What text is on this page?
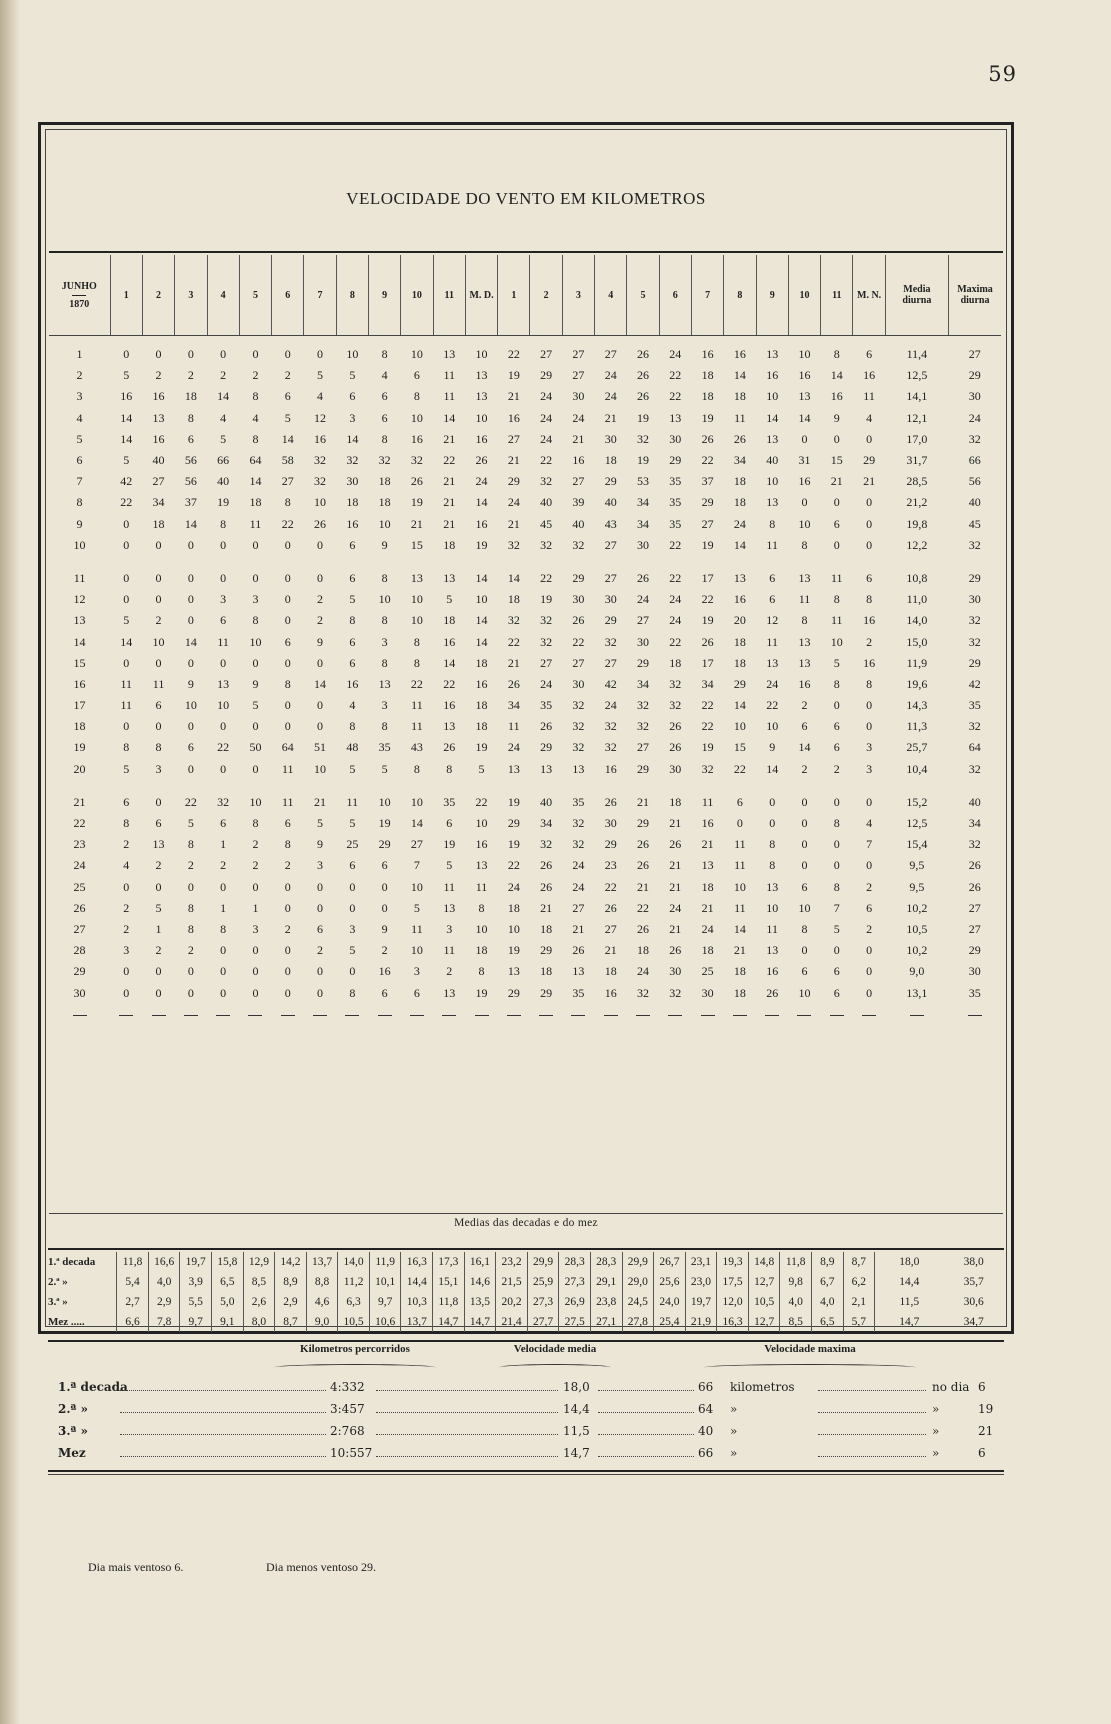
59
VELOCIDADE DO VENTO EM KILOMETROS
JUNHO
1870	1	2	3	4	5	6	7	8	9	10	11	M. D.	1	2	3	4	5	6	7	8	9	10	11	M. N.	Media
diurna	Maxima
diurna
1	0	0	0	0	0	0	0	10	8	10	13	10	22	27	27	27	26	24	16	16	13	10	8	6	11,4	27
2	5	2	2	2	2	2	5	5	4	6	11	13	19	29	27	24	26	22	18	14	16	16	14	16	12,5	29
3	16	16	18	14	8	6	4	6	6	8	11	13	21	24	30	24	26	22	18	18	10	13	16	11	14,1	30
4	14	13	8	4	4	5	12	3	6	10	14	10	16	24	24	21	19	13	19	11	14	14	9	4	12,1	24
5	14	16	6	5	8	14	16	14	8	16	21	16	27	24	21	30	32	30	26	26	13	0	0	0	17,0	32
6	5	40	56	66	64	58	32	32	32	32	22	26	21	22	16	18	19	29	22	34	40	31	15	29	31,7	66
7	42	27	56	40	14	27	32	30	18	26	21	24	29	32	27	29	53	35	37	18	10	16	21	21	28,5	56
8	22	34	37	19	18	8	10	18	18	19	21	14	24	40	39	40	34	35	29	18	13	0	0	0	21,2	40
9	0	18	14	8	11	22	26	16	10	21	21	16	21	45	40	43	34	35	27	24	8	10	6	0	19,8	45
10	0	0	0	0	0	0	0	6	9	15	18	19	32	32	32	27	30	22	19	14	11	8	0	0	12,2	32

11	0	0	0	0	0	0	0	6	8	13	13	14	14	22	29	27	26	22	17	13	6	13	11	6	10,8	29
12	0	0	0	3	3	0	2	5	10	10	5	10	18	19	30	30	24	24	22	16	6	11	8	8	11,0	30
13	5	2	0	6	8	0	2	8	8	10	18	14	32	32	26	29	27	24	19	20	12	8	11	16	14,0	32
14	14	10	14	11	10	6	9	6	3	8	16	14	22	32	22	32	30	22	26	18	11	13	10	2	15,0	32
15	0	0	0	0	0	0	0	6	8	8	14	18	21	27	27	27	29	18	17	18	13	13	5	16	11,9	29
16	11	11	9	13	9	8	14	16	13	22	22	16	26	24	30	42	34	32	34	29	24	16	8	8	19,6	42
17	11	6	10	10	5	0	0	4	3	11	16	18	34	35	32	24	32	32	22	14	22	2	0	0	14,3	35
18	0	0	0	0	0	0	0	8	8	11	13	18	11	26	32	32	32	26	22	10	10	6	6	0	11,3	32
19	8	8	6	22	50	64	51	48	35	43	26	19	24	29	32	32	27	26	19	15	9	14	6	3	25,7	64
20	5	3	0	0	0	11	10	5	5	8	8	5	13	13	13	16	29	30	32	22	14	2	2	3	10,4	32

21	6	0	22	32	10	11	21	11	10	10	35	22	19	40	35	26	21	18	11	6	0	0	0	0	15,2	40
22	8	6	5	6	8	6	5	5	19	14	6	10	29	34	32	30	29	21	16	0	0	0	8	4	12,5	34
23	2	13	8	1	2	8	9	25	29	27	19	16	19	32	32	29	26	26	21	11	8	0	0	7	15,4	32
24	4	2	2	2	2	2	3	6	6	7	5	13	22	26	24	23	26	21	13	11	8	0	0	0	9,5	26
25	0	0	0	0	0	0	0	0	0	10	11	11	24	26	24	22	21	21	18	10	13	6	8	2	9,5	26
26	2	5	8	1	1	0	0	0	0	5	13	8	18	21	27	26	22	24	21	11	10	10	7	6	10,2	27
27	2	1	8	8	3	2	6	3	9	11	3	10	10	18	21	27	26	21	24	14	11	8	5	2	10,5	27
28	3	2	2	0	0	0	2	5	2	10	11	18	19	29	26	21	18	26	18	21	13	0	0	0	10,2	29
29	0	0	0	0	0	0	0	0	16	3	2	8	13	18	13	18	24	30	25	18	16	6	6	0	9,0	30
30	0	0	0	0	0	0	0	8	6	6	13	19	29	29	35	16	32	32	30	18	26	10	6	0	13,1	35

Medias das decadas e do mez
1.ª decada	11,8	16,6	19,7	15,8	12,9	14,2	13,7	14,0	11,9	16,3	17,3	16,1	23,2	29,9	28,3	28,3	29,9	26,7	23,1	19,3	14,8	11,8	8,9	8,7	18,0	38,0
2.ª »	5,4	4,0	3,9	6,5	8,5	8,9	8,8	11,2	10,1	14,4	15,1	14,6	21,5	25,9	27,3	29,1	29,0	25,6	23,0	17,5	12,7	9,8	6,7	6,2	14,4	35,7
3.ª »	2,7	2,9	5,5	5,0	2,6	2,9	4,6	6,3	9,7	10,3	11,8	13,5	20,2	27,3	26,9	23,8	24,5	24,0	19,7	12,0	10,5	4,0	4,0	2,1	11,5	30,6
Mez .....	6,6	7,8	9,7	9,1	8,0	8,7	9,0	10,5	10,6	13,7	14,7	14,7	21,4	27,7	27,5	27,1	27,8	25,4	21,9	16,3	12,7	8,5	6,5	5,7	14,7	34,7
Kilometros percorridos	Velocidade media	Velocidade maxima
1.ª decada	4:332	18,0	66 kilometros	no dia 6
2.ª »	3:457	14,4	64 »	»	19
3.ª »	2:768	11,5	40 »	»	21
Mez	10:557	14,7	66 »	»	6
Dia mais ventoso 6.	Dia menos ventoso 29.
